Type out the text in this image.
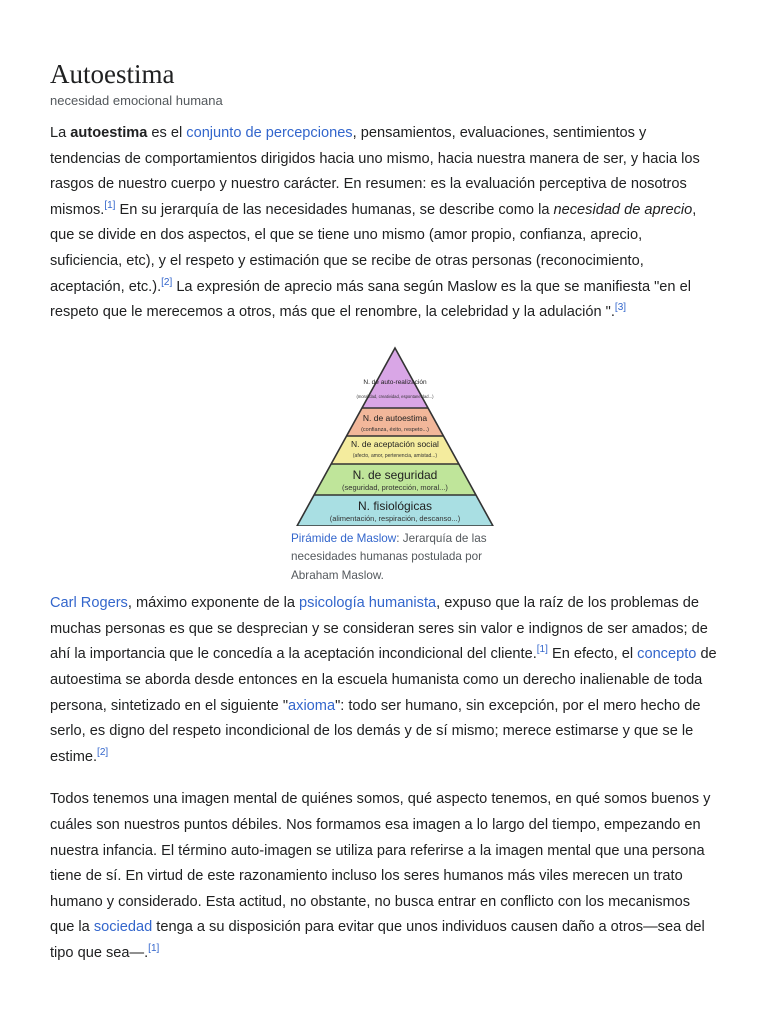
Autoestima
necesidad emocional humana

La autoestima es el conjunto de percepciones, pensamientos, evaluaciones, sentimientos y tendencias de comportamientos dirigidos hacia uno mismo, hacia nuestra manera de ser, y hacia los rasgos de nuestro cuerpo y nuestro carácter. En resumen: es la evaluación perceptiva de nosotros mismos.[1] En su jerarquía de las necesidades humanas, se describe como la necesidad de aprecio, que se divide en dos aspectos, el que se tiene uno mismo (amor propio, confianza, aprecio, suficiencia, etc), y el respeto y estimación que se recibe de otras personas (reconocimiento, aceptación, etc.).[2] La expresión de aprecio más sana según Maslow es la que se manifiesta "en el respeto que le merecemos a otros, más que el renombre, la celebridad y la adulación ".[3]

N. de auto-realización
(moralidad, creatividad, espontaneidad...)
N. de autoestima
(confianza, éxito, respeto...)
N. de aceptación social
(afecto, amor, pertenencia, amistad...)
N. de seguridad
(seguridad, protección, moral...)
N. fisiológicas
(alimentación, respiración, descanso...)
Pirámide de Maslow: Jerarquía de las necesidades humanas postulada por Abraham Maslow.

Carl Rogers, máximo exponente de la psicología humanista, expuso que la raíz de los problemas de muchas personas es que se desprecian y se consideran seres sin valor e indignos de ser amados; de ahí la importancia que le concedía a la aceptación incondicional del cliente.[1] En efecto, el concepto de autoestima se aborda desde entonces en la escuela humanista como un derecho inalienable de toda persona, sintetizado en el siguiente "axioma": todo ser humano, sin excepción, por el mero hecho de serlo, es digno del respeto incondicional de los demás y de sí mismo; merece estimarse y que se le estime.[2]

Todos tenemos una imagen mental de quiénes somos, qué aspecto tenemos, en qué somos buenos y cuáles son nuestros puntos débiles. Nos formamos esa imagen a lo largo del tiempo, empezando en nuestra infancia. El término auto-imagen se utiliza para referirse a la imagen mental que una persona tiene de sí. En virtud de este razonamiento incluso los seres humanos más viles merecen un trato humano y considerado. Esta actitud, no obstante, no busca entrar en conflicto con los mecanismos que la sociedad tenga a su disposición para evitar que unos individuos causen daño a otros—sea del tipo que sea—.[1]
